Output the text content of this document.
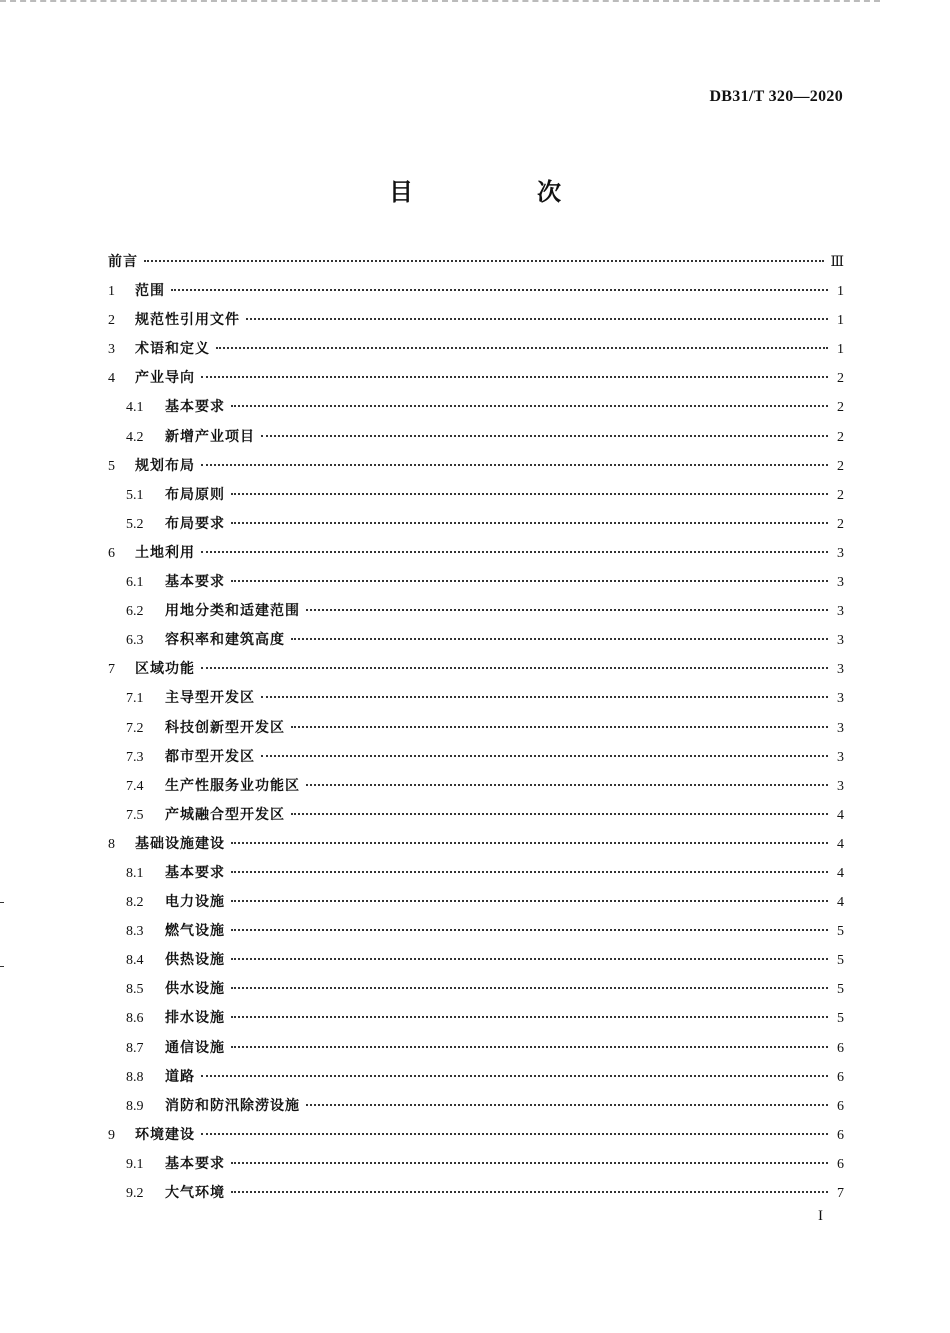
DB31/T 320—2020
目　次
前言	Ⅲ
1	范围	1
2	规范性引用文件	1
3	术语和定义	1
4	产业导向	2
4.1	基本要求	2
4.2	新增产业项目	2
5	规划布局	2
5.1	布局原则	2
5.2	布局要求	2
6	土地利用	3
6.1	基本要求	3
6.2	用地分类和适建范围	3
6.3	容积率和建筑高度	3
7	区域功能	3
7.1	主导型开发区	3
7.2	科技创新型开发区	3
7.3	都市型开发区	3
7.4	生产性服务业功能区	3
7.5	产城融合型开发区	4
8	基础设施建设	4
8.1	基本要求	4
8.2	电力设施	4
8.3	燃气设施	5
8.4	供热设施	5
8.5	供水设施	5
8.6	排水设施	5
8.7	通信设施	6
8.8	道路	6
8.9	消防和防汛除涝设施	6
9	环境建设	6
9.1	基本要求	6
9.2	大气环境	7
I
